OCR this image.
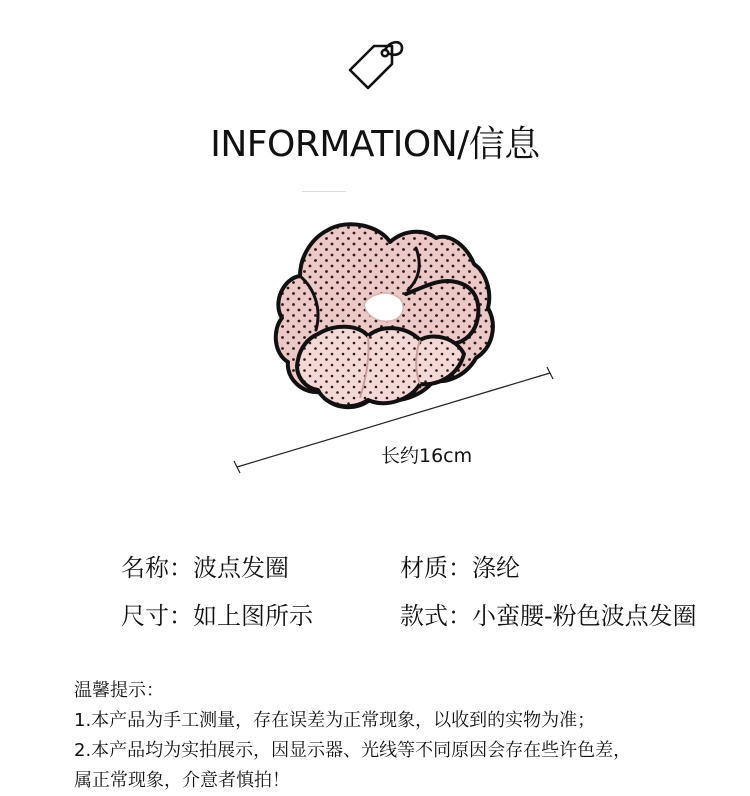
INFORMATION/信息
长约16cm
名称：波点发圈	材质：涤纶
尺寸：如上图所示	款式：小蛮腰-粉色波点发圈
温馨提示：
1.本产品为手工测量，存在误差为正常现象，以收到的实物为准；
2.本产品均为实拍展示，因显示器、光线等不同原因会存在些许色差，
属正常现象，介意者慎拍！
